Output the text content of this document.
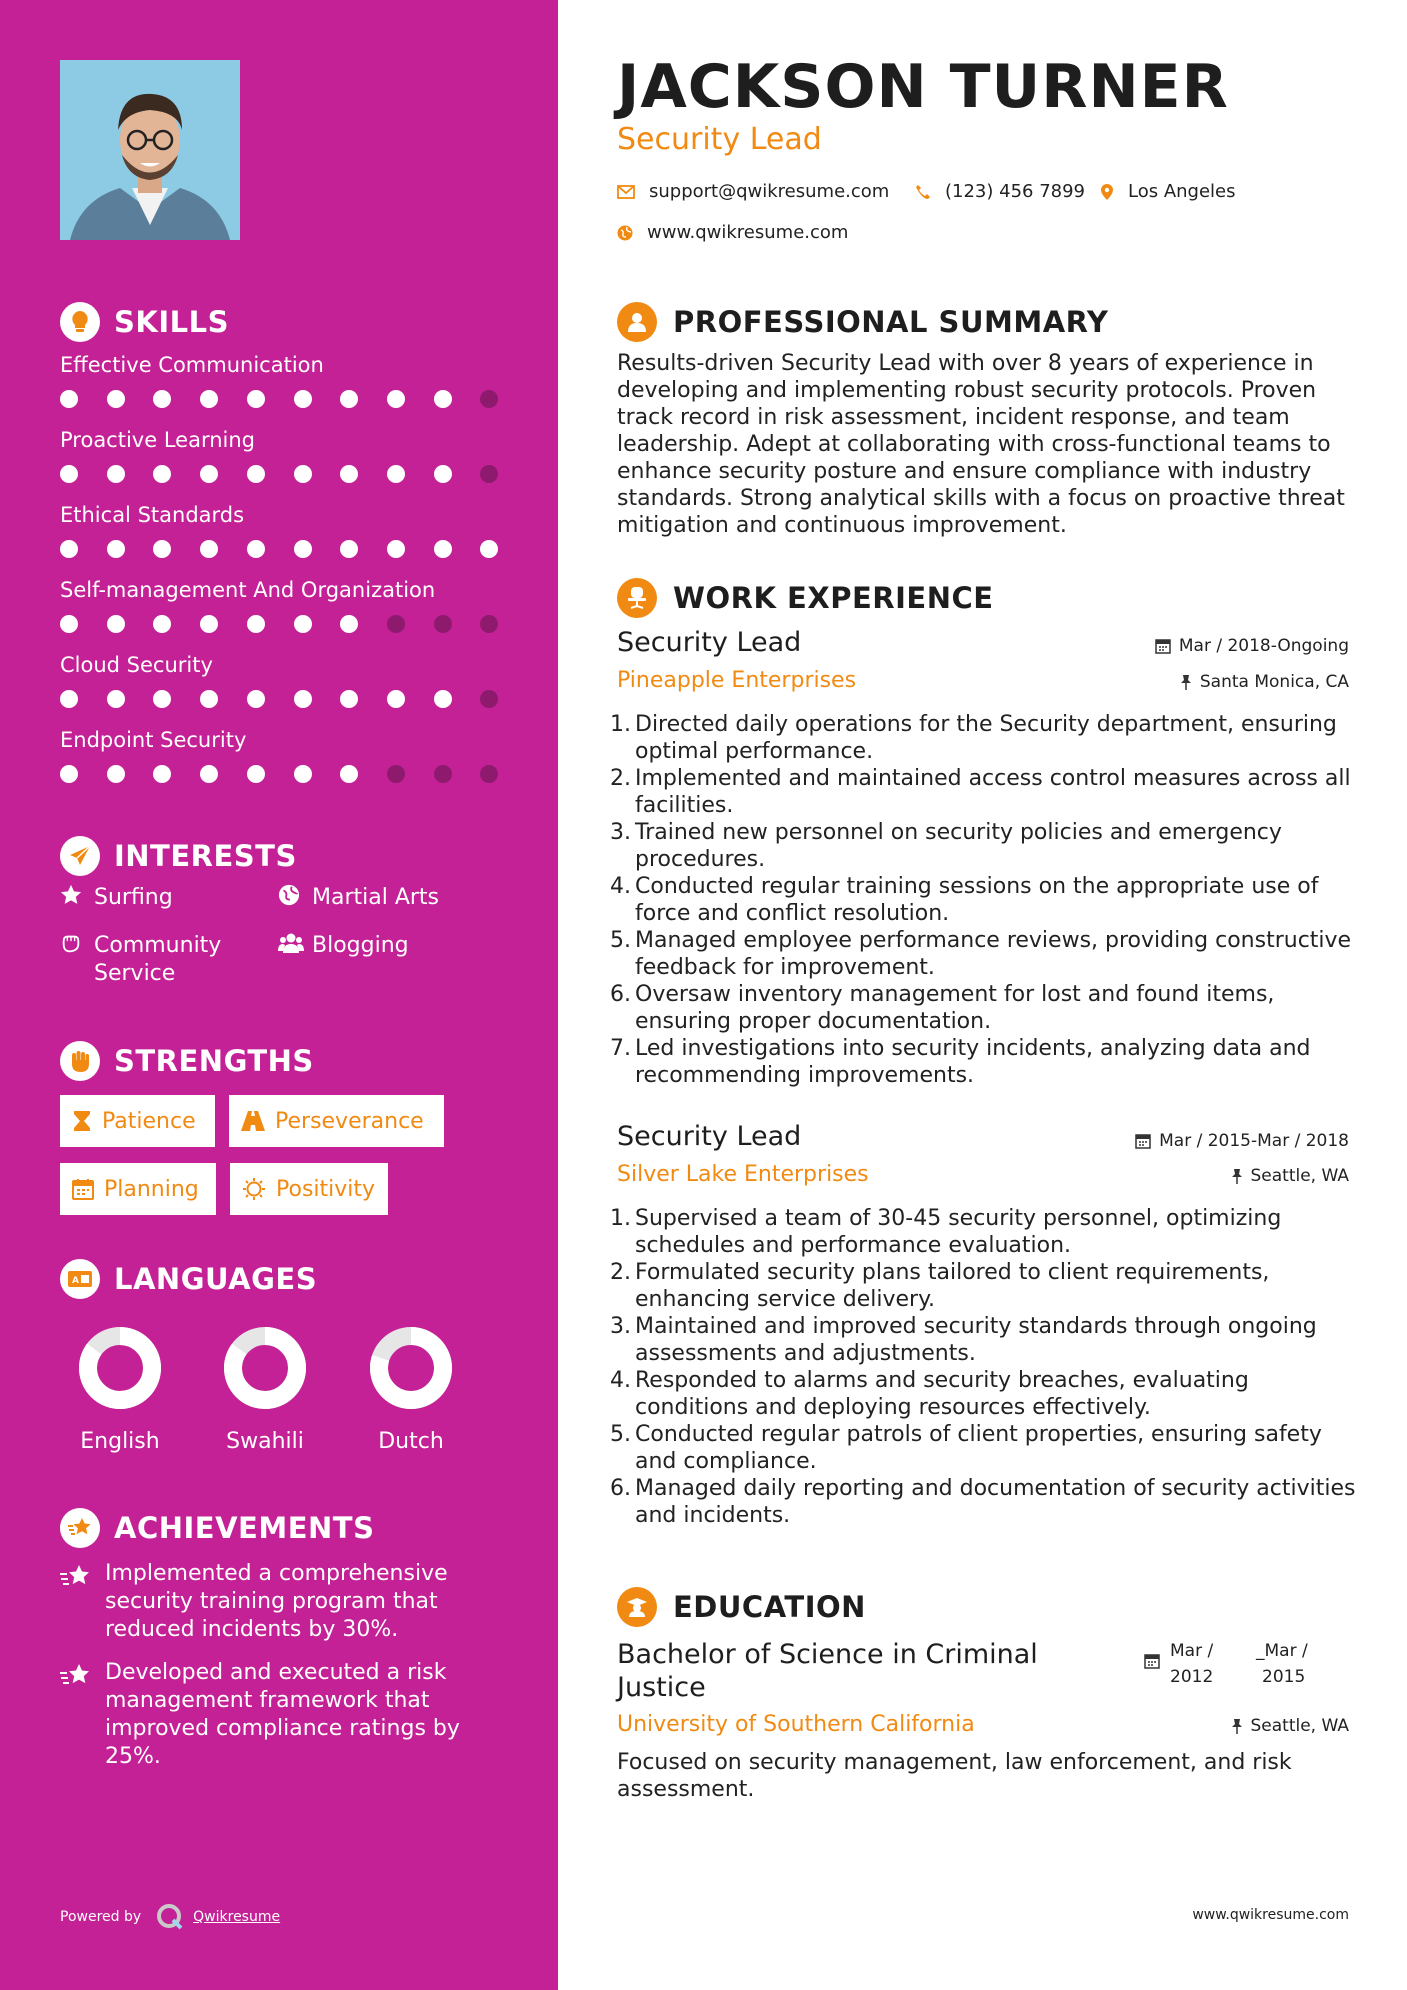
SKILLS
Effective Communication
Proactive Learning
Ethical Standards
Self-management And Organization
Cloud Security
Endpoint Security
INTERESTS
Surfing	Martial Arts
Community Service
Blogging
STRENGTHS
Patience	Perseverance
Planning	Positivity
A LANGUAGES
English	Swahili	Dutch
ACHIEVEMENTS
Implemented a comprehensive security training program that reduced incidents by 30%.
Developed and executed a risk management framework that improved compliance ratings by 25%.
Powered by	Qwikresume
JACKSON TURNER
Security Lead
support@qwikresume.com	(123) 456 7899 Los Angeles
www.qwikresume.com
PROFESSIONAL SUMMARY
Results-driven Security Lead with over 8 years of experience in developing and implementing robust security protocols. Proven track record in risk assessment, incident response, and team leadership. Adept at collaborating with cross-functional teams to enhance security posture and ensure compliance with industry standards. Strong analytical skills with a focus on proactive threat mitigation and continuous improvement.
WORK EXPERIENCE
Security Lead
Pineapple Enterprises
Mar / 2018-Ongoing
Santa Monica, CA
1. Directed daily operations for the Security department, ensuring optimal performance.
2. Implemented and maintained access control measures across all facilities.
3. Trained new personnel on security policies and emergency procedures.
4. Conducted regular training sessions on the appropriate use of force and conflict resolution.
5. Managed employee performance reviews, providing constructive feedback for improvement.
6. Oversaw inventory management for lost and found items, ensuring proper documentation.
7. Led investigations into security incidents, analyzing data and recommending improvements.
Security Lead
Silver Lake Enterprises
Mar / 2015-Mar / 2018
Seattle, WA
1. Supervised a team of 30-45 security personnel, optimizing schedules and performance evaluation.
2. Formulated security plans tailored to client requirements, enhancing service delivery.
3. Maintained and improved security standards through ongoing assessments and adjustments.
4. Responded to alarms and security breaches, evaluating conditions and deploying resources effectively.
5. Conducted regular patrols of client properties, ensuring safety and compliance.
6. Managed daily reporting and documentation of security activities and incidents.
EDUCATION
Bachelor of Science in Criminal Justice
University of Southern California
Mar /
2012
_Mar /
2015
Seattle, WA
Focused on security management, law enforcement, and risk assessment.
www.qwikresume.com
